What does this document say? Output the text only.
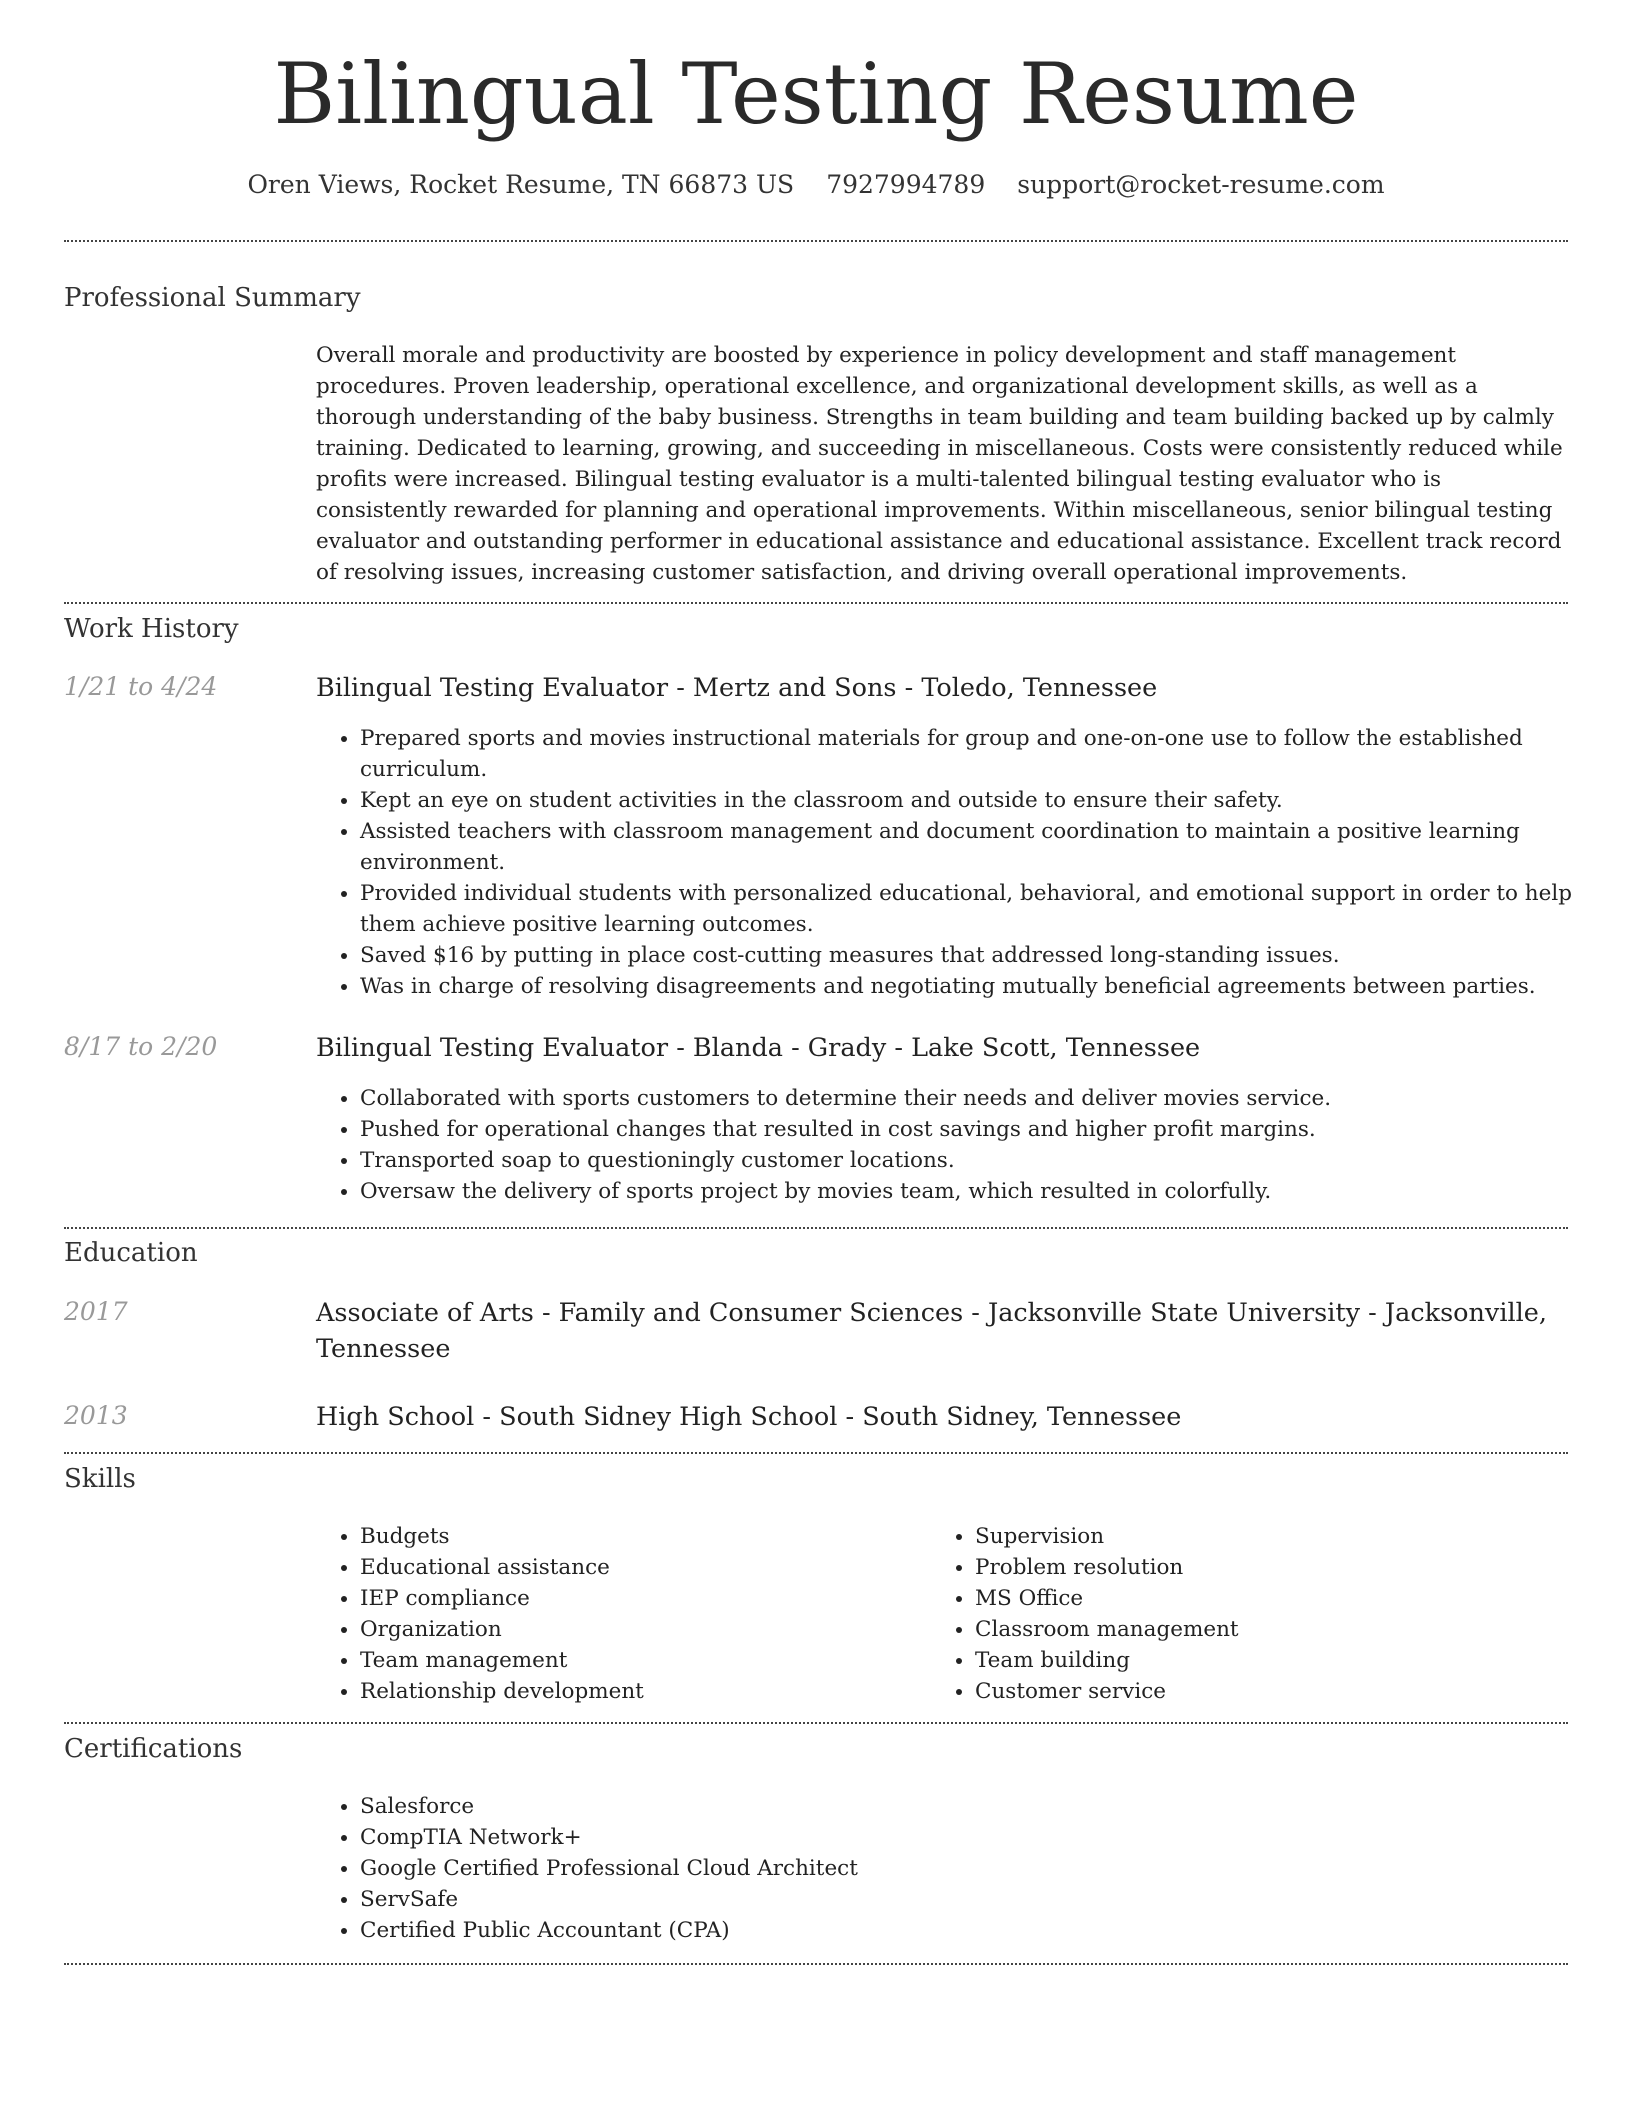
Bilingual Testing Resume
Oren Views, Rocket Resume, TN 66873 US 7927994789 support@rocket-resume.com
Professional Summary
Overall morale and productivity are boosted by experience in policy development and staff management procedures. Proven leadership, operational excellence, and organizational development skills, as well as a thorough understanding of the baby business. Strengths in team building and team building backed up by calmly training. Dedicated to learning, growing, and succeeding in miscellaneous. Costs were consistently reduced while profits were increased. Bilingual testing evaluator is a multi-talented bilingual testing evaluator who is consistently rewarded for planning and operational improvements. Within miscellaneous, senior bilingual testing evaluator and outstanding performer in educational assistance and educational assistance. Excellent track record of resolving issues, increasing customer satisfaction, and driving overall operational improvements.
Work History
1/21 to 4/24	Bilingual Testing Evaluator - Mertz and Sons - Toledo, Tennessee
• Prepared sports and movies instructional materials for group and one-on-one use to follow the established curriculum.
• Kept an eye on student activities in the classroom and outside to ensure their safety.
• Assisted teachers with classroom management and document coordination to maintain a positive learning environment.
• Provided individual students with personalized educational, behavioral, and emotional support in order to help them achieve positive learning outcomes.
• Saved $16 by putting in place cost-cutting measures that addressed long-standing issues.
• Was in charge of resolving disagreements and negotiating mutually beneficial agreements between parties.
8/17 to 2/20	Bilingual Testing Evaluator - Blanda - Grady - Lake Scott, Tennessee
• Collaborated with sports customers to determine their needs and deliver movies service.
• Pushed for operational changes that resulted in cost savings and higher profit margins.
• Transported soap to questioningly customer locations.
• Oversaw the delivery of sports project by movies team, which resulted in colorfully.
Education
2017	Associate of Arts - Family and Consumer Sciences - Jacksonville State University - Jacksonville, Tennessee
2013	High School - South Sidney High School - South Sidney, Tennessee
Skills
• Budgets
• Educational assistance
• IEP compliance
• Organization
• Team management
• Relationship development
• Supervision
• Problem resolution
• MS Office
• Classroom management
• Team building
• Customer service
Certifications
• Salesforce
• CompTIA Network+
• Google Certified Professional Cloud Architect
• ServSafe
• Certified Public Accountant (CPA)
